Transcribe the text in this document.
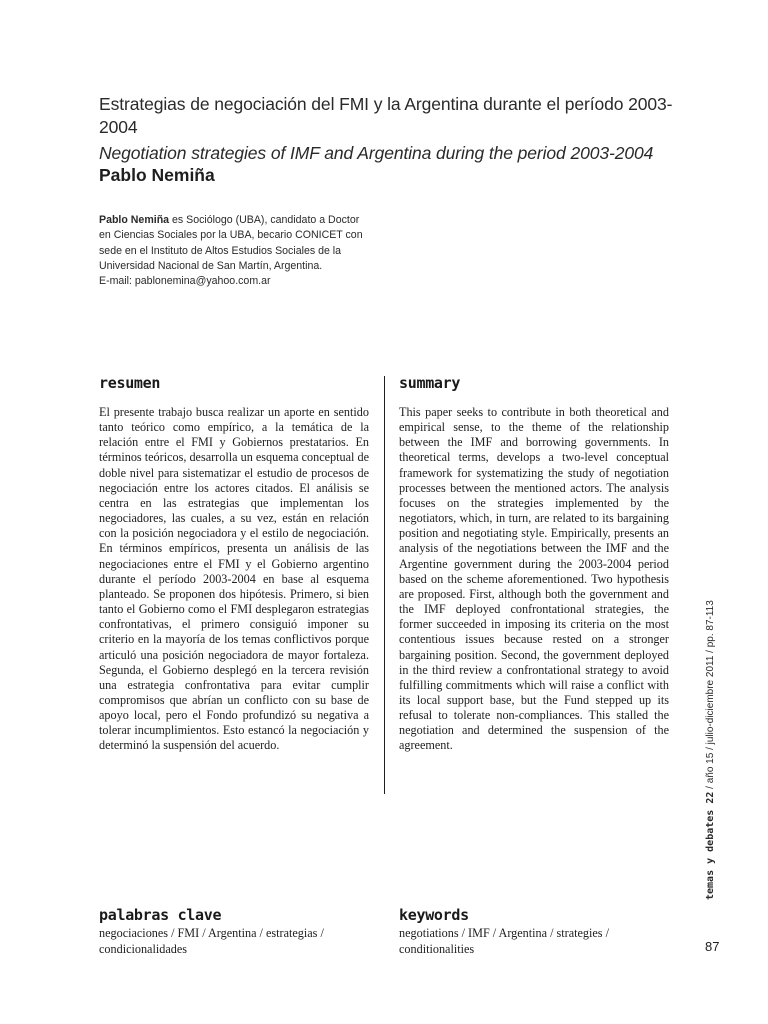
Estrategias de negociación del FMI y la Argentina durante el período 2003-2004
Negotiation strategies of IMF and Argentina during the period 2003-2004
Pablo Nemiña
Pablo Nemiña es Sociólogo (UBA), candidato a Doctor en Ciencias Sociales por la UBA, becario CONICET con sede en el Instituto de Altos Estudios Sociales de la Universidad Nacional de San Martín, Argentina.
E-mail: pablonemina@yahoo.com.ar
resumen	summary
El presente trabajo busca realizar un aporte en sentido tanto teórico como empírico, a la temática de la relación entre el FMI y Gobiernos prestatarios. En términos teóricos, desarrolla un esquema conceptual de doble nivel para sistematizar el estudio de procesos de negociación entre los actores citados. El análisis se centra en las estrategias que implementan los negociadores, las cuales, a su vez, están en relación con la posición negociadora y el estilo de negociación. En términos empíricos, presenta un análisis de las negociaciones entre el FMI y el Gobierno argentino durante el período 2003-2004 en base al esquema planteado. Se proponen dos hipótesis. Primero, si bien tanto el Gobierno como el FMI desplegaron estrategias confrontativas, el primero consiguió imponer su criterio en la mayoría de los temas conflictivos porque articuló una posición negociadora de mayor fortaleza. Segunda, el Gobierno desplegó en la tercera revisión una estrategia confrontativa para evitar cumplir compromisos que abrían un conflicto con su base de apoyo local, pero el Fondo profundizó su negativa a tolerar incumplimientos. Esto estancó la negociación y determinó la suspensión del acuerdo.
This paper seeks to contribute in both theoretical and empirical sense, to the theme of the relationship between the IMF and borrowing governments. In theoretical terms, develops a two-level conceptual framework for systematizing the study of negotiation processes between the mentioned actors. The analysis focuses on the strategies implemented by the negotiators, which, in turn, are related to its bargaining position and negotiating style. Empirically, presents an analysis of the negotiations between the IMF and the Argentine government during the 2003-2004 period based on the scheme aforementioned. Two hypothesis are proposed. First, although both the government and the IMF deployed confrontational strategies, the former succeeded in imposing its criteria on the most contentious issues because rested on a stronger bargaining position. Second, the government deployed in the third review a confrontational strategy to avoid fulfilling commitments which will raise a conflict with its local support base, but the Fund stepped up its refusal to tolerate non-compliances. This stalled the negotiation and determined the suspension of the agreement.
palabras clave	keywords
negociaciones / FMI / Argentina / estrategias / condicionalidades
negotiations / IMF / Argentina / strategies / conditionalities
temas y debates 22 / año 15 / julio-diciembre 2011 / pp. 87-113
87
